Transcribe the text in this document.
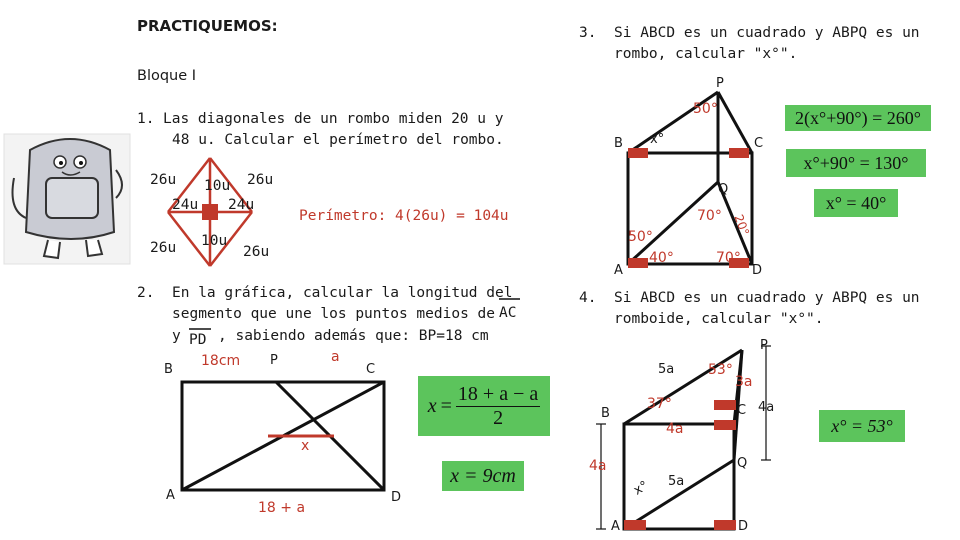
PRACTIQUEMOS:
Bloque I
1. Las diagonales de un rombo miden 20 u y
48 u. Calcular el perímetro del rombo.
26u 10u 26u
24u 24u
26u 10u
26u
Perímetro: 4(26u) = 104u
2. En la gráfica, calcular la longitud del
segmento que une los puntos medios de AC
y PD , sabiendo además que: BP=18 cm
18cm	a
B
P
C
A	D
x
18 + a
$x = \frac{18 + a - a}{2}$
x = 9cm
3. Si ABCD es un cuadrado y ABPQ es un
rombo, calcular "x°".
P
B	C
Q
A	D
x°
50°
70° 20°
50°
40°	70°
2(x°+90°) = 260°
x°+90° = 130°
x° = 40°
4. Si ABCD es un cuadrado y ABPQ es un
romboide, calcular "x°".
P
B	C
Q
A	D
5a 53°
3a
37°
4a
4a
4a
5a
x°
x° = 53°
